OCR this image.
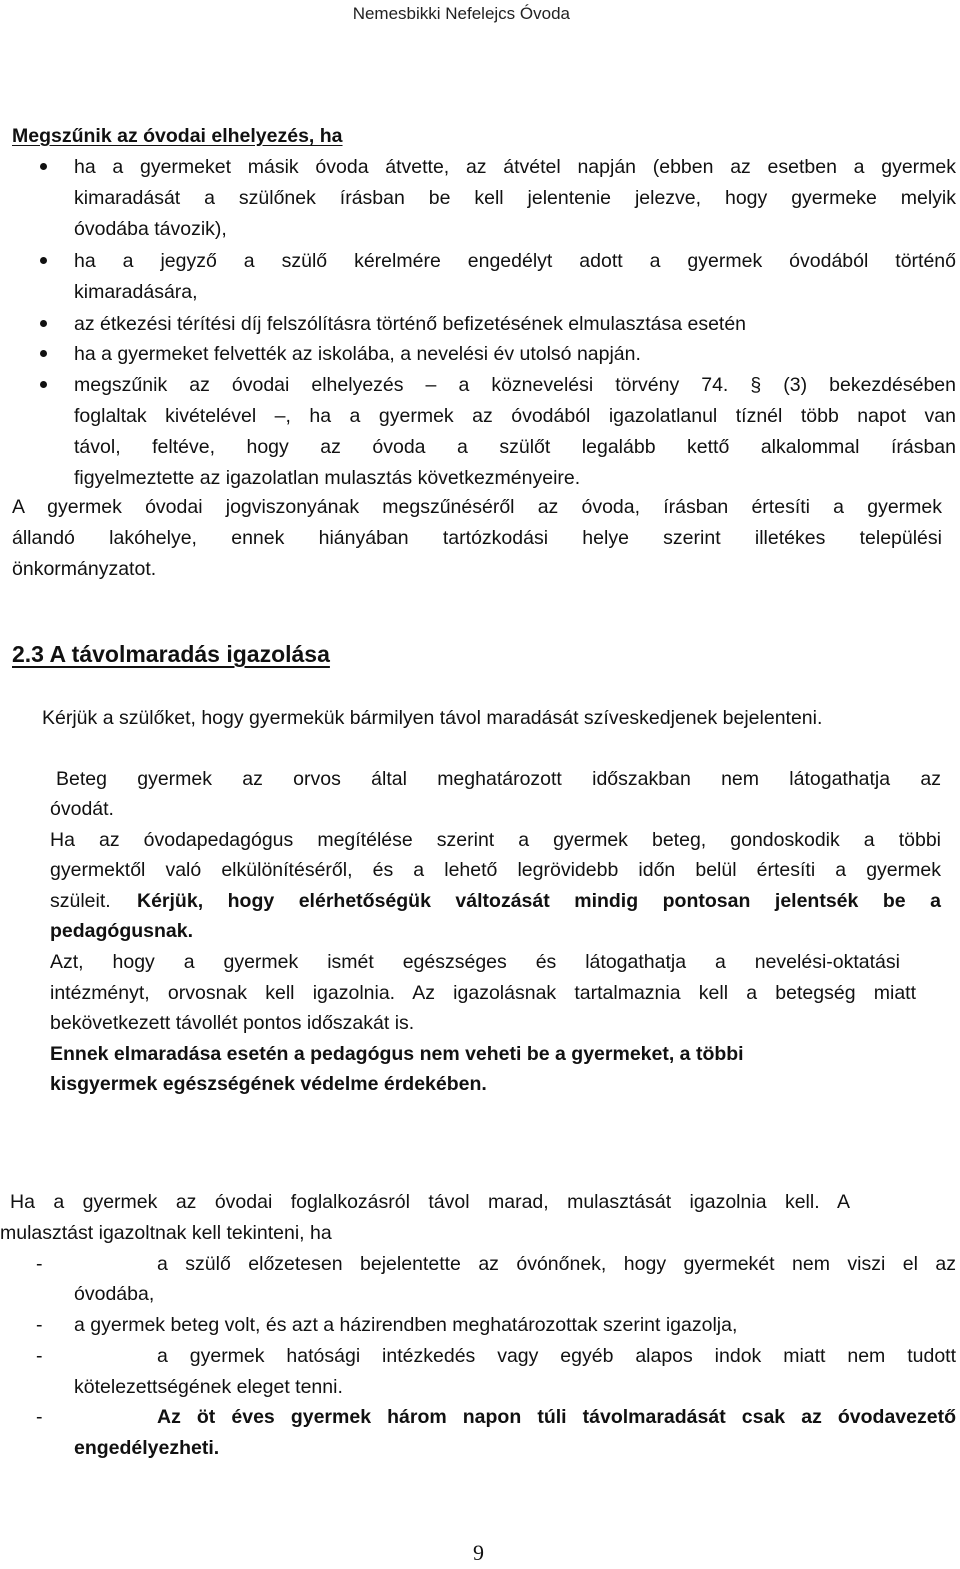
Nemesbikki Nefelejcs Óvoda
Megszűnik az óvodai elhelyezés, ha
ha a gyermeket másik óvoda átvette, az átvétel napján (ebben az esetben a gyermek
kimaradását a szülőnek írásban be kell jelentenie jelezve, hogy gyermeke melyik
óvodába távozik),
ha a jegyző a szülő kérelmére engedélyt adott a gyermek óvodából történő
kimaradására,
az étkezési térítési díj felszólításra történő befizetésének elmulasztása esetén
ha a gyermeket felvették az iskolába, a nevelési év utolsó napján.
megszűnik az óvodai elhelyezés – a köznevelési törvény 74. § (3) bekezdésében
foglaltak kivételével –, ha a gyermek az óvodából igazolatlanul tíznél több napot van
távol, feltéve, hogy az óvoda a szülőt legalább kettő alkalommal írásban
figyelmeztette az igazolatlan mulasztás következményeire.
A gyermek óvodai jogviszonyának megszűnéséről az óvoda, írásban értesíti a gyermek
állandó lakóhelye, ennek hiányában tartózkodási helye szerint illetékes települési
önkormányzatot.
2.3 A távolmaradás igazolása
Kérjük a szülőket, hogy gyermekük bármilyen távol maradását szíveskedjenek bejelenteni.
Beteg gyermek az orvos által meghatározott időszakban nem látogathatja az
óvodát.
Ha az óvodapedagógus megítélése szerint a gyermek beteg, gondoskodik a többi
gyermektől való elkülönítéséről, és a lehető legrövidebb időn belül értesíti a gyermek
szüleit. Kérjük, hogy elérhetőségük változását mindig pontosan jelentsék be a
pedagógusnak.
Azt, hogy a gyermek ismét egészséges és látogathatja a nevelési-oktatási
intézményt, orvosnak kell igazolnia. Az igazolásnak tartalmaznia kell a betegség miatt
bekövetkezett távollét pontos időszakát is.
Ennek elmaradása esetén a pedagógus nem veheti be a gyermeket, a többi
kisgyermek egészségének védelme érdekében.
Ha a gyermek az óvodai foglalkozásról távol marad, mulasztását igazolnia kell. A
mulasztást igazoltnak kell tekinteni, ha
-	a szülő előzetesen bejelentette az óvónőnek, hogy gyermekét nem viszi el az
óvodába,
- a gyermek beteg volt, és azt a házirendben meghatározottak szerint igazolja,
-	a gyermek hatósági intézkedés vagy egyéb alapos indok miatt nem tudott
kötelezettségének eleget tenni.
-	Az öt éves gyermek három napon túli távolmaradását csak az óvodavezető
engedélyezheti.
9
